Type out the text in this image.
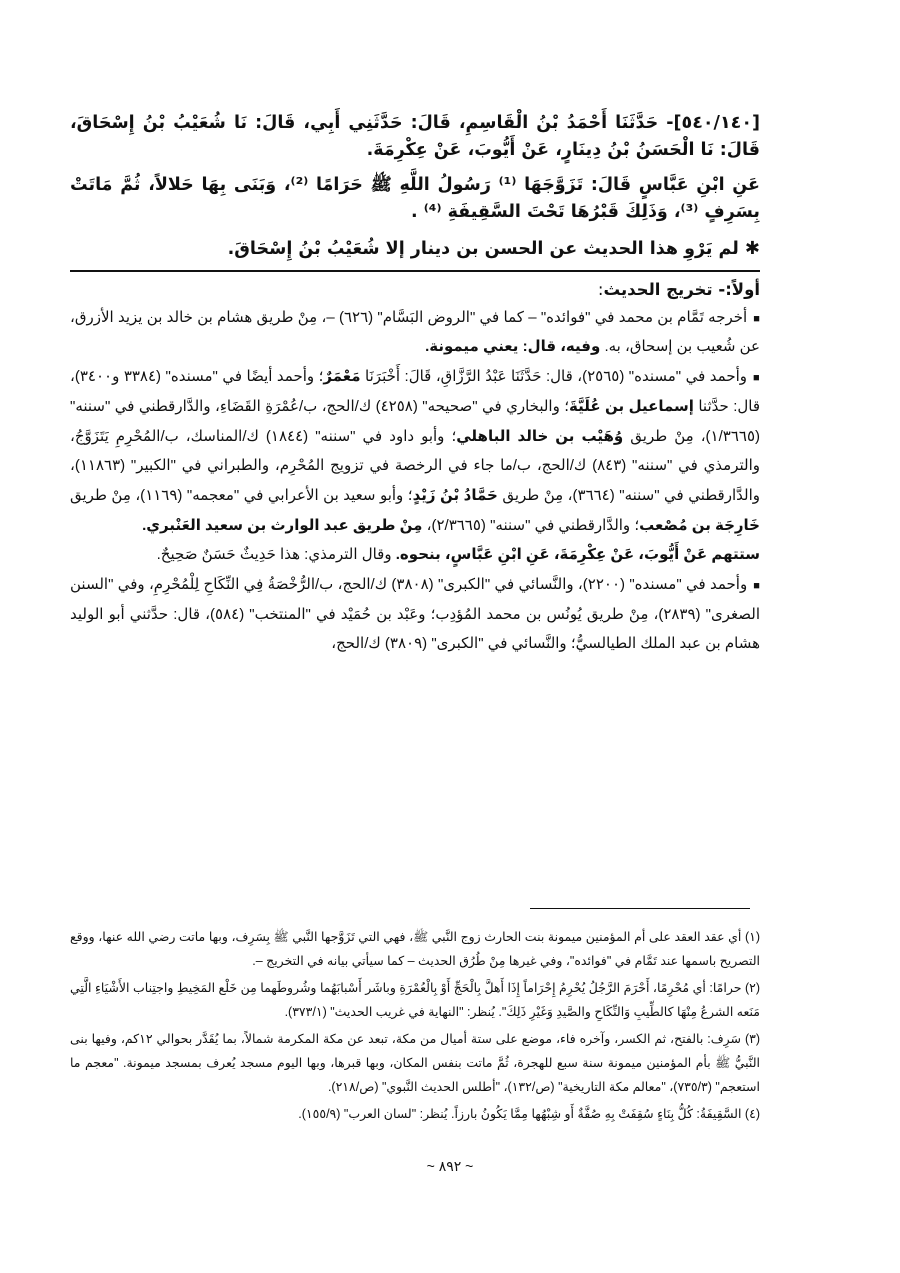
[٥٤٠/١٤٠]- حَدَّثَنَا أَحْمَدُ بْنُ الْقَاسِمِ، قَالَ: حَدَّثَنِي أَبِي، قَالَ: نَا شُعَيْبُ بْنُ إِسْحَاقَ، قَالَ: نَا الْحَسَنُ بْنُ دِينَارٍ، عَنْ أَيُّوبَ، عَنْ عِكْرِمَةَ.

عَنِ ابْنِ عَبَّاسٍ قَالَ: تَزَوَّجَهَا ⁽¹⁾ رَسُولُ اللَّهِ ﷺ حَرَامًا ⁽²⁾، وَبَنَى بِهَا حَلالاً، ثُمَّ مَاتَتْ بِسَرِفٍ ⁽³⁾، وَذَلِكَ قَبْرُهَا تَحْتَ السَّقِيفَةِ ⁽⁴⁾ .

✱ لم يَرْوِ هذا الحديث عن الحسن بن دينار إلا شُعَيْبُ بْنُ إِسْحَاقَ.
أولاً:- تخريج الحديث:

■أخرجه تَمَّام بن محمد في "فوائده" – كما في "الروض البَسَّام" (٦٢٦) –، مِنْ طريق هشام بن خالد بن يزيد الأزرق، عن شُعيب بن إسحاق، به. وفيه، قال: يعني ميمونة.

■وأحمد في "مسنده" (٢٥٦٥)، قال: حَدَّثَنَا عَبْدُ الرَّزَّاقِ، قَالَ: أَخْبَرَنَا مَعْمَرٌ؛ وأحمد أيضًا في "مسنده" (٣٣٨٤ و٣٤٠٠)، قال: حدَّثنا إسماعيل بن عُلَيَّةَ؛ والبخاري في "صحيحه" (٤٢٥٨) ك/الحج، ب/عُمْرَةِ القَضَاءِ، والدَّارقطني في "سننه" (١/٣٦٦٥)، مِنْ طريق وُهَيْب بن خالد الباهلي؛ وأبو داود في "سننه" (١٨٤٤) ك/المناسك، ب/المُحْرِمِ يَتَزَوَّجُ، والترمذي في "سننه" (٨٤٣) ك/الحج، ب/ما جاء في الرخصة في تزويج المُحْرِم، والطبراني في "الكبير" (١١٨٦٣)، والدَّارقطني في "سننه" (٣٦٦٤)، مِنْ طريق حَمَّادُ بْنُ زَيْدٍ؛ وأبو سعيد بن الأعرابي في "معجمه" (١١٦٩)، مِنْ طريق خَارِجَة بن مُصْعب؛ والدَّارقطني في "سننه" (٢/٣٦٦٥)، مِنْ طريق عبد الوارث بن سعيد العَنْبري.

ستتهم عَنْ أَيُّوبَ، عَنْ عِكْرِمَةَ، عَنِ ابْنِ عَبَّاسٍ، بنحوه. وقال الترمذي: هذا حَدِيثٌ حَسَنٌ صَحِيحٌ.

■وأحمد في "مسنده" (٢٢٠٠)، والنَّسائي في "الكبرى" (٣٨٠٨) ك/الحج، ب/الرُّخْصَةُ فِي النِّكَاحِ لِلْمُحْرِمِ، وفي "السنن الصغرى" (٢٨٣٩)، مِنْ طريق يُونُس بن محمد المُؤدِب؛ وعَبْد بن حُمَيْد في "المنتخب" (٥٨٤)، قال: حدَّثني أبو الوليد هشام بن عبد الملك الطيالسيُّ؛ والنَّسائي في "الكبرى" (٣٨٠٩) ك/الحج،

(١) أي عقد العقد على أم المؤمنين ميمونة بنت الحارث زوج النَّبي ﷺ، فهي التي تَزَوَّجها النَّبي ﷺ بِسَرِف، وبها ماتت رضي الله عنها، ووقع التصريح باسمها عند تَمَّام في "فوائده"، وفي غيرها مِنْ طُرُق الحديث – كما سيأتي بيانه في التخريج –.

(٢) حرامًا: أي مُحْرِمًا، أَحْرَمَ الرَّجُلُ يُحْرِمُ إِحْرَاماً إِذَا أَهلَّ بِالْحَجِّ أَوْ بِالْعُمْرَةِ وباشَر أَسْبابَهُما وشُروطَهما مِن خَلْع المَخِيطِ واجتِناب الأَشْيَاءِ الَّتِي مَنَعه الشرعُ مِنْهَا كالطِّيبِ وَالنِّكَاحِ والصَّيدِ وَغَيْرِ ذَلِكَ". يُنظر: "النهاية في غريب الحديث" (٣٧٣/١).

(٣) سَرِف: بالفتح، ثم الكسر، وآخره فاء، موضع على ستة أميال من مكة، تبعد عن مكة المكرمة شمالاً، بما يُقَدَّر بحوالي ١٢كم، وفيها بنى النَّبيُّ ﷺ بأم المؤمنين ميمونة سنة سبع للهجرة، ثُمَّ ماتت بنفس المكان، وبها قبرها، وبها اليوم مسجد يُعرف بمسجد ميمونة. "معجم ما استعجم" (٧٣٥/٣)، "معالم مكة التاريخية" (ص/١٣٢)، "أطلس الحديث النَّبوي" (ص/٢١٨).

(٤) السَّقِيفَةُ: كُلُّ بِنَاءٍ سُقِفَتْ بِهِ صُفَّةٌ أَو شِبْهُها مِمَّا يَكُونُ بارزاً. يُنظر: "لسان العرب" (١٥٥/٩).

~ ٨٩٢ ~
